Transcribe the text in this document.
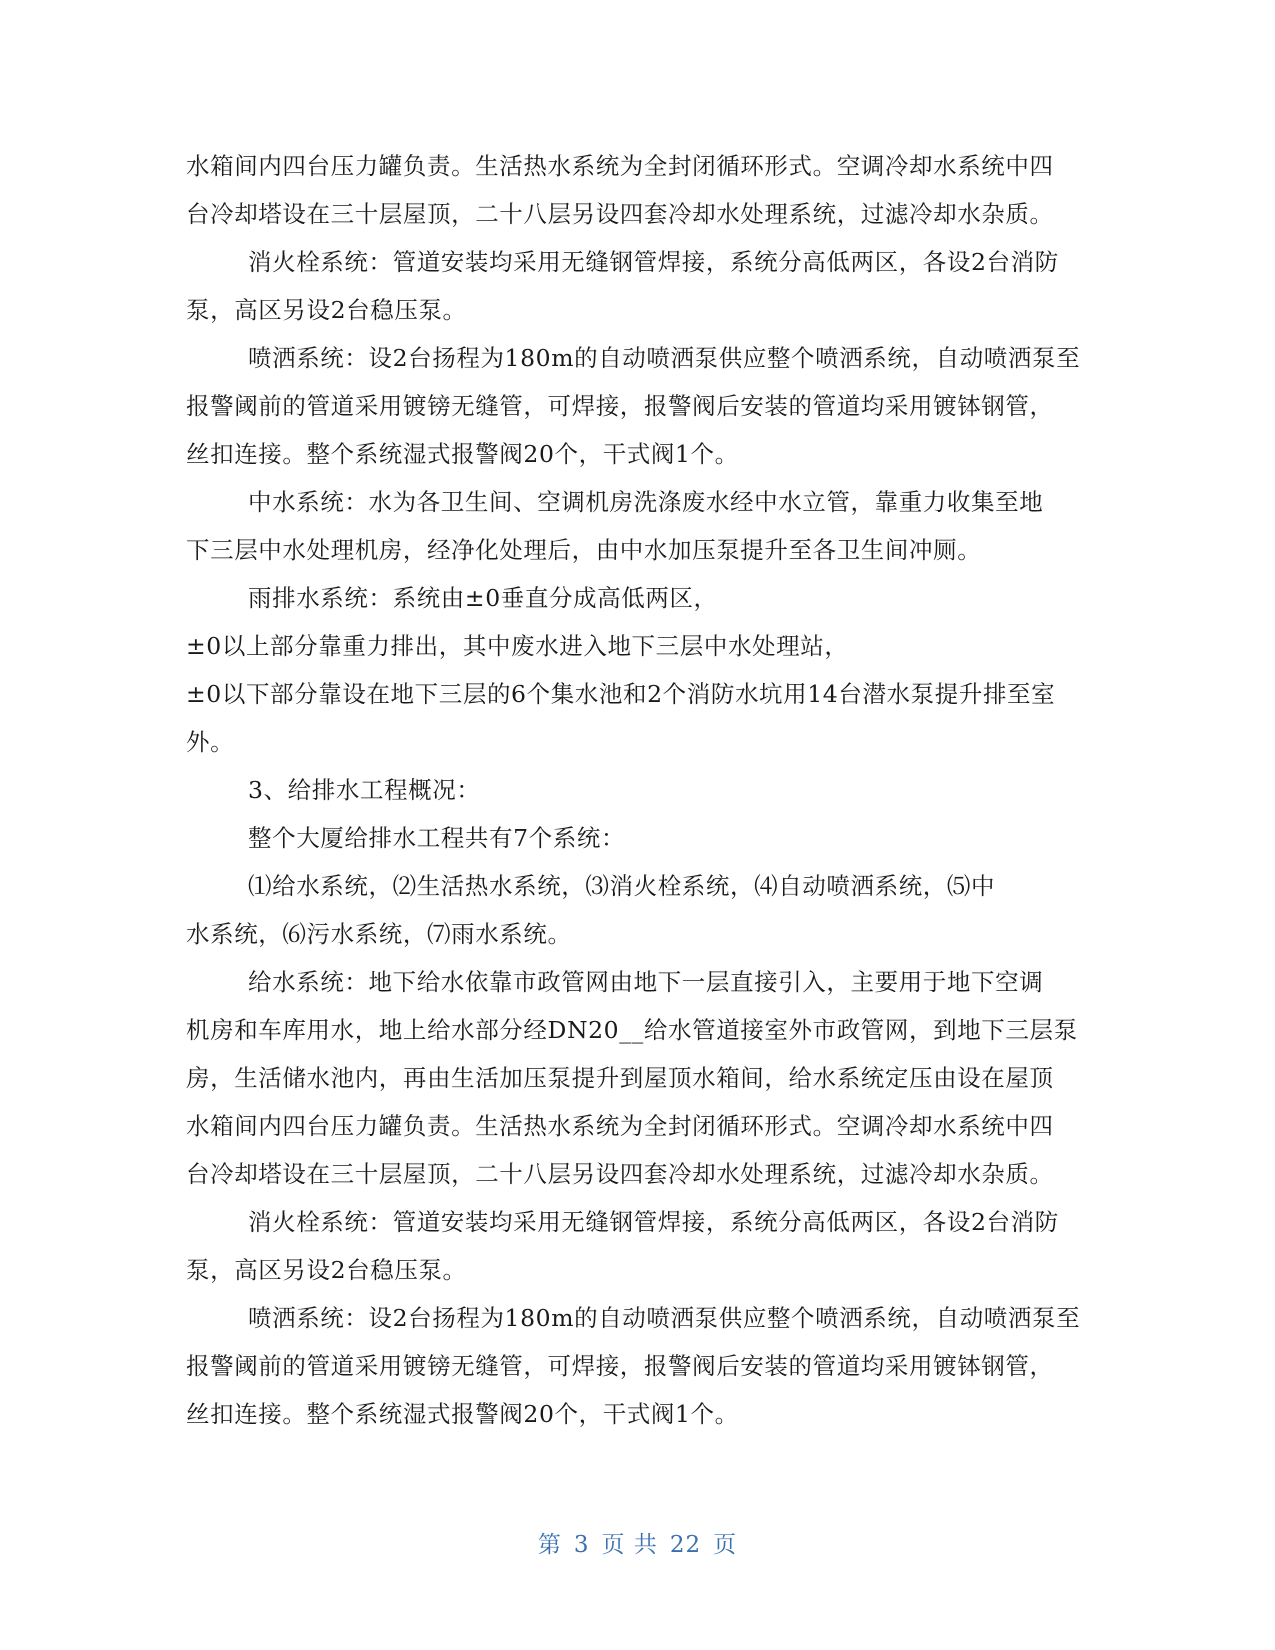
水箱间内四台压力罐负责。生活热水系统为全封闭循环形式。空调冷却水系统中四
台冷却塔设在三十层屋顶，二十八层另设四套冷却水处理系统，过滤冷却水杂质。
消火栓系统：管道安装均采用无缝钢管焊接，系统分高低两区，各设2台消防
泵，高区另设2台稳压泵。
喷洒系统：设2台扬程为180m的自动喷洒泵供应整个喷洒系统，自动喷洒泵至
报警阈前的管道采用镀镑无缝管，可焊接，报警阀后安装的管道均采用镀钵钢管，
丝扣连接。整个系统湿式报警阀20个，干式阀1个。
中水系统：水为各卫生间、空调机房洗涤废水经中水立管，靠重力收集至地
下三层中水处理机房，经净化处理后，由中水加压泵提升至各卫生间冲厕。
雨排水系统：系统由±0垂直分成高低两区，
±0以上部分靠重力排出，其中废水进入地下三层中水处理站，
±0以下部分靠设在地下三层的6个集水池和2个消防水坑用14台潜水泵提升排至室
外。
3、给排水工程概况：
整个大厦给排水工程共有7个系统：
⑴给水系统，⑵生活热水系统，⑶消火栓系统，⑷自动喷洒系统，⑸中
水系统，⑹污水系统，⑺雨水系统。
给水系统：地下给水依靠市政管网由地下一层直接引入，主要用于地下空调
机房和车库用水，地上给水部分经DN20__给水管道接室外市政管网，到地下三层泵
房，生活储水池内，再由生活加压泵提升到屋顶水箱间，给水系统定压由设在屋顶
水箱间内四台压力罐负责。生活热水系统为全封闭循环形式。空调冷却水系统中四
台冷却塔设在三十层屋顶，二十八层另设四套冷却水处理系统，过滤冷却水杂质。
消火栓系统：管道安装均采用无缝钢管焊接，系统分高低两区，各设2台消防
泵，高区另设2台稳压泵。
喷洒系统：设2台扬程为180m的自动喷洒泵供应整个喷洒系统，自动喷洒泵至
报警阈前的管道采用镀镑无缝管，可焊接，报警阀后安装的管道均采用镀钵钢管，
丝扣连接。整个系统湿式报警阀20个，干式阀1个。
第 3 页 共 22 页
